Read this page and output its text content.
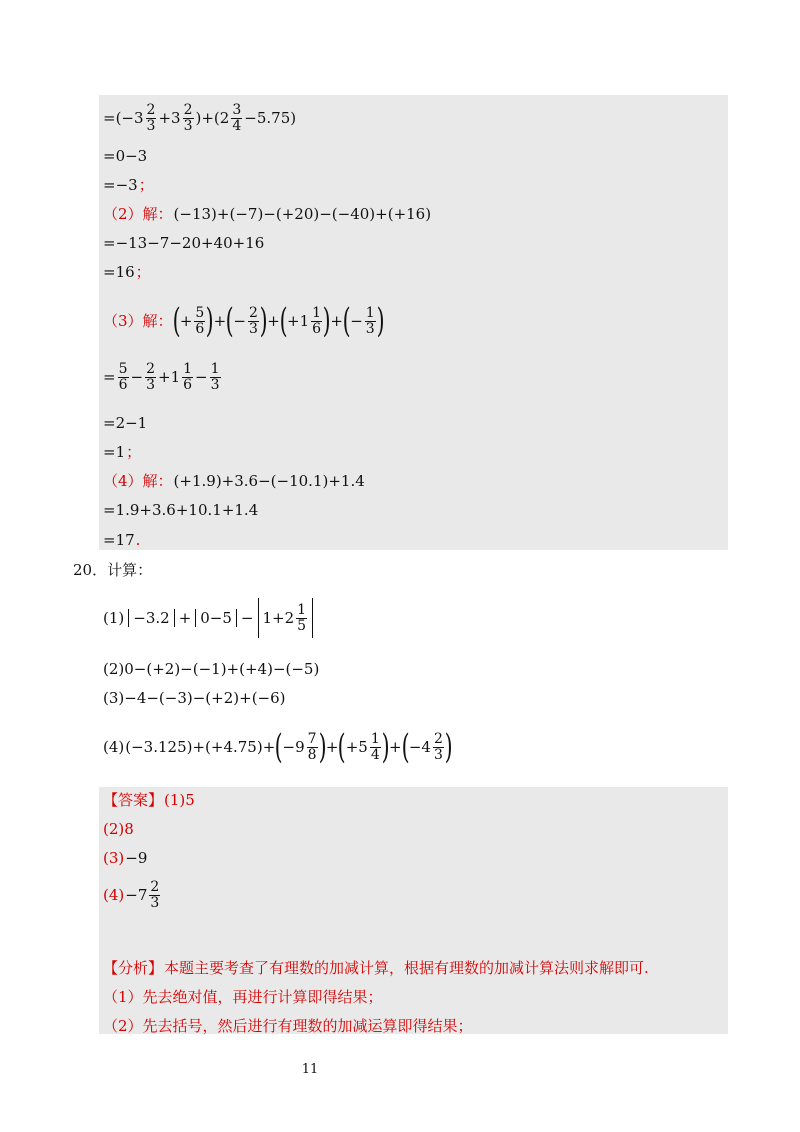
$=(-3 \frac{2}{3} +3 \frac{2}{3} )+(2 \frac{3}{4} -5.75)$
=0−3
=−3 ；
（2）解： (−13)+(−7)−(+20)−(−40)+(+16)
=−13−7−20+40+16
=16 ；
（3）解： ( + $\frac{5}{6}$ ) + ( − $\frac{2}{3}$ ) + ( $+1 \frac{1}{6}$ ) + ( − $\frac{1}{3}$ )
= $\frac{5}{6} - \frac{2}{3} +1 \frac{1}{6} - \frac{1}{3}$
=2−1
=1 ；
（4）解： (+1.9)+3.6−(−10.1)+1.4
=1.9+3.6+10.1+1.4
=17 .
20．计算：
$(1) -3.2 + 0-5 - 1+2 \frac{1}{5}$
(2)0−(+2)−(−1)+(+4)−(−5)
(3)−4−(−3)−(+2)+(−6)
(4) (−3.125)+(+4.75)+ ( $-9 \frac{7}{8}$ ) + ( $+5 \frac{1}{4}$ ) + ( $-4 \frac{2}{3}$ )
【答案】 (1)5
(2)8
(3) −9
$(4) -7 \frac{2}{3}$
【分析】 本题主要考查了有理数的加减计算，根据有理数的加减计算法则求解即可.
（1）先去绝对值，再进行计算即得结果；
（2）先去括号，然后进行有理数的加减运算即得结果；
11
